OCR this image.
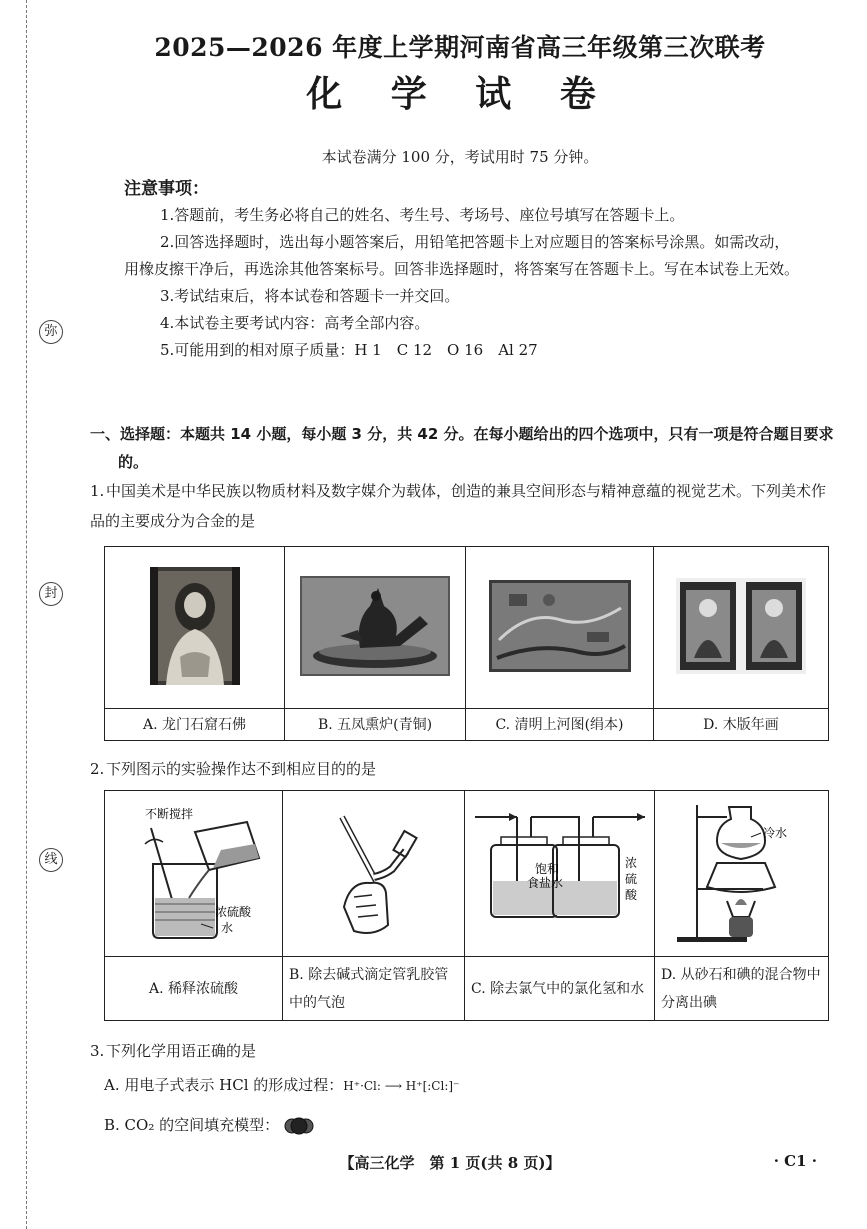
弥
封
线
2025—2026 年度上学期河南省高三年级第三次联考
化 学 试 卷
本试卷满分 100 分，考试用时 75 分钟。
注意事项：

1.答题前，考生务必将自己的姓名、考生号、考场号、座位号填写在答题卡上。

2.回答选择题时，选出每小题答案后，用铅笔把答题卡上对应题目的答案标号涂黑。如需改动，用橡皮擦干净后，再选涂其他答案标号。回答非选择题时，将答案写在答题卡上。写在本试卷上无效。

3.考试结束后，将本试卷和答题卡一并交回。

4.本试卷主要考试内容：高考全部内容。

5.可能用到的相对原子质量：H 1　C 12　O 16　Al 27

一、选择题：本题共 14 小题，每小题 3 分，共 42 分。在每小题给出的四个选项中，只有一项是符合题目要求的。
1. 中国美术是中华民族以物质材料及数字媒介为载体，创造的兼具空间形态与精神意蕴的视觉艺术。下列美术作品的主要成分为合金的是

A. 龙门石窟石佛	B. 五凤熏炉(青铜)	C. 清明上河图(绢本)	D. 木版年画
2. 下列图示的实验操作达不到相应目的的是
不断搅拌
浓硫酸
水		饱和
食盐水
浓
硫
酸	冷水

A. 稀释浓硫酸	B. 除去碱式滴定管乳胶管中的气泡	C. 除去氯气中的氯化氢和水	D. 从砂石和碘的混合物中分离出碘
3. 下列化学用语正确的是
A. 用电子式表示 HCl 的形成过程：H⁺·Cl: ⟶ H⁺[:Cl:]⁻
B. CO₂ 的空间填充模型：
【高三化学　第 1 页(共 8 页)】	· C1 ·
